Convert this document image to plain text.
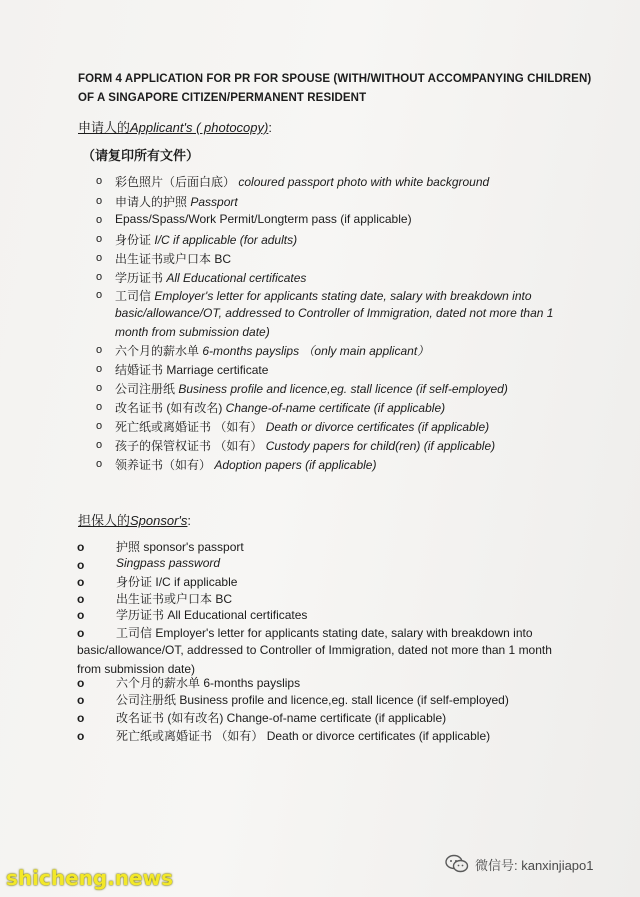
FORM 4 APPLICATION FOR PR FOR SPOUSE (WITH/WITHOUT ACCOMPANYING CHILDREN)
OF A SINGAPORE CITIZEN/PERMANENT RESIDENT
申请人的Applicant's ( photocopy):
（请复印所有文件）
o 彩色照片（后面白底） coloured passport photo with white background
o 申请人的护照 Passport
o Epass/Spass/Work Permit/Longterm pass (if applicable)
o 身份证 I/C if applicable (for adults)
o 出生证书或户口本 BC
o 学历证书 All Educational certificates
o 工司信 Employer's letter for applicants stating date, salary with breakdown into
basic/allowance/OT, addressed to Controller of Immigration, dated not more than 1
month from submission date)
o 六个月的薪水单 6-months payslips （only main applicant）
o 结婚证书 Marriage certificate
o 公司注册纸 Business profile and licence,eg. stall licence (if self-employed)
o 改名证书 (如有改名) Change-of-name certificate (if applicable)
o 死亡纸或离婚证书 （如有） Death or divorce certificates (if applicable)
o 孩子的保管权证书 （如有） Custody papers for child(ren) (if applicable)
o 领养证书（如有） Adoption papers (if applicable)
担保人的Sponsor's:
o	护照 sponsor's passport
o	Singpass password
o	身份证 I/C if applicable
o	出生证书或户口本 BC
o	学历证书 All Educational certificates
o	工司信 Employer's letter for applicants stating date, salary with breakdown into
basic/allowance/OT, addressed to Controller of Immigration, dated not more than 1 month
from submission date)
o	六个月的薪水单 6-months payslips
o	公司注册纸 Business profile and licence,eg. stall licence (if self-employed)
o	改名证书 (如有改名) Change-of-name certificate (if applicable)
o	死亡纸或离婚证书 （如有） Death or divorce certificates (if applicable)
shicheng.news
微信号: kanxinjiapo1
